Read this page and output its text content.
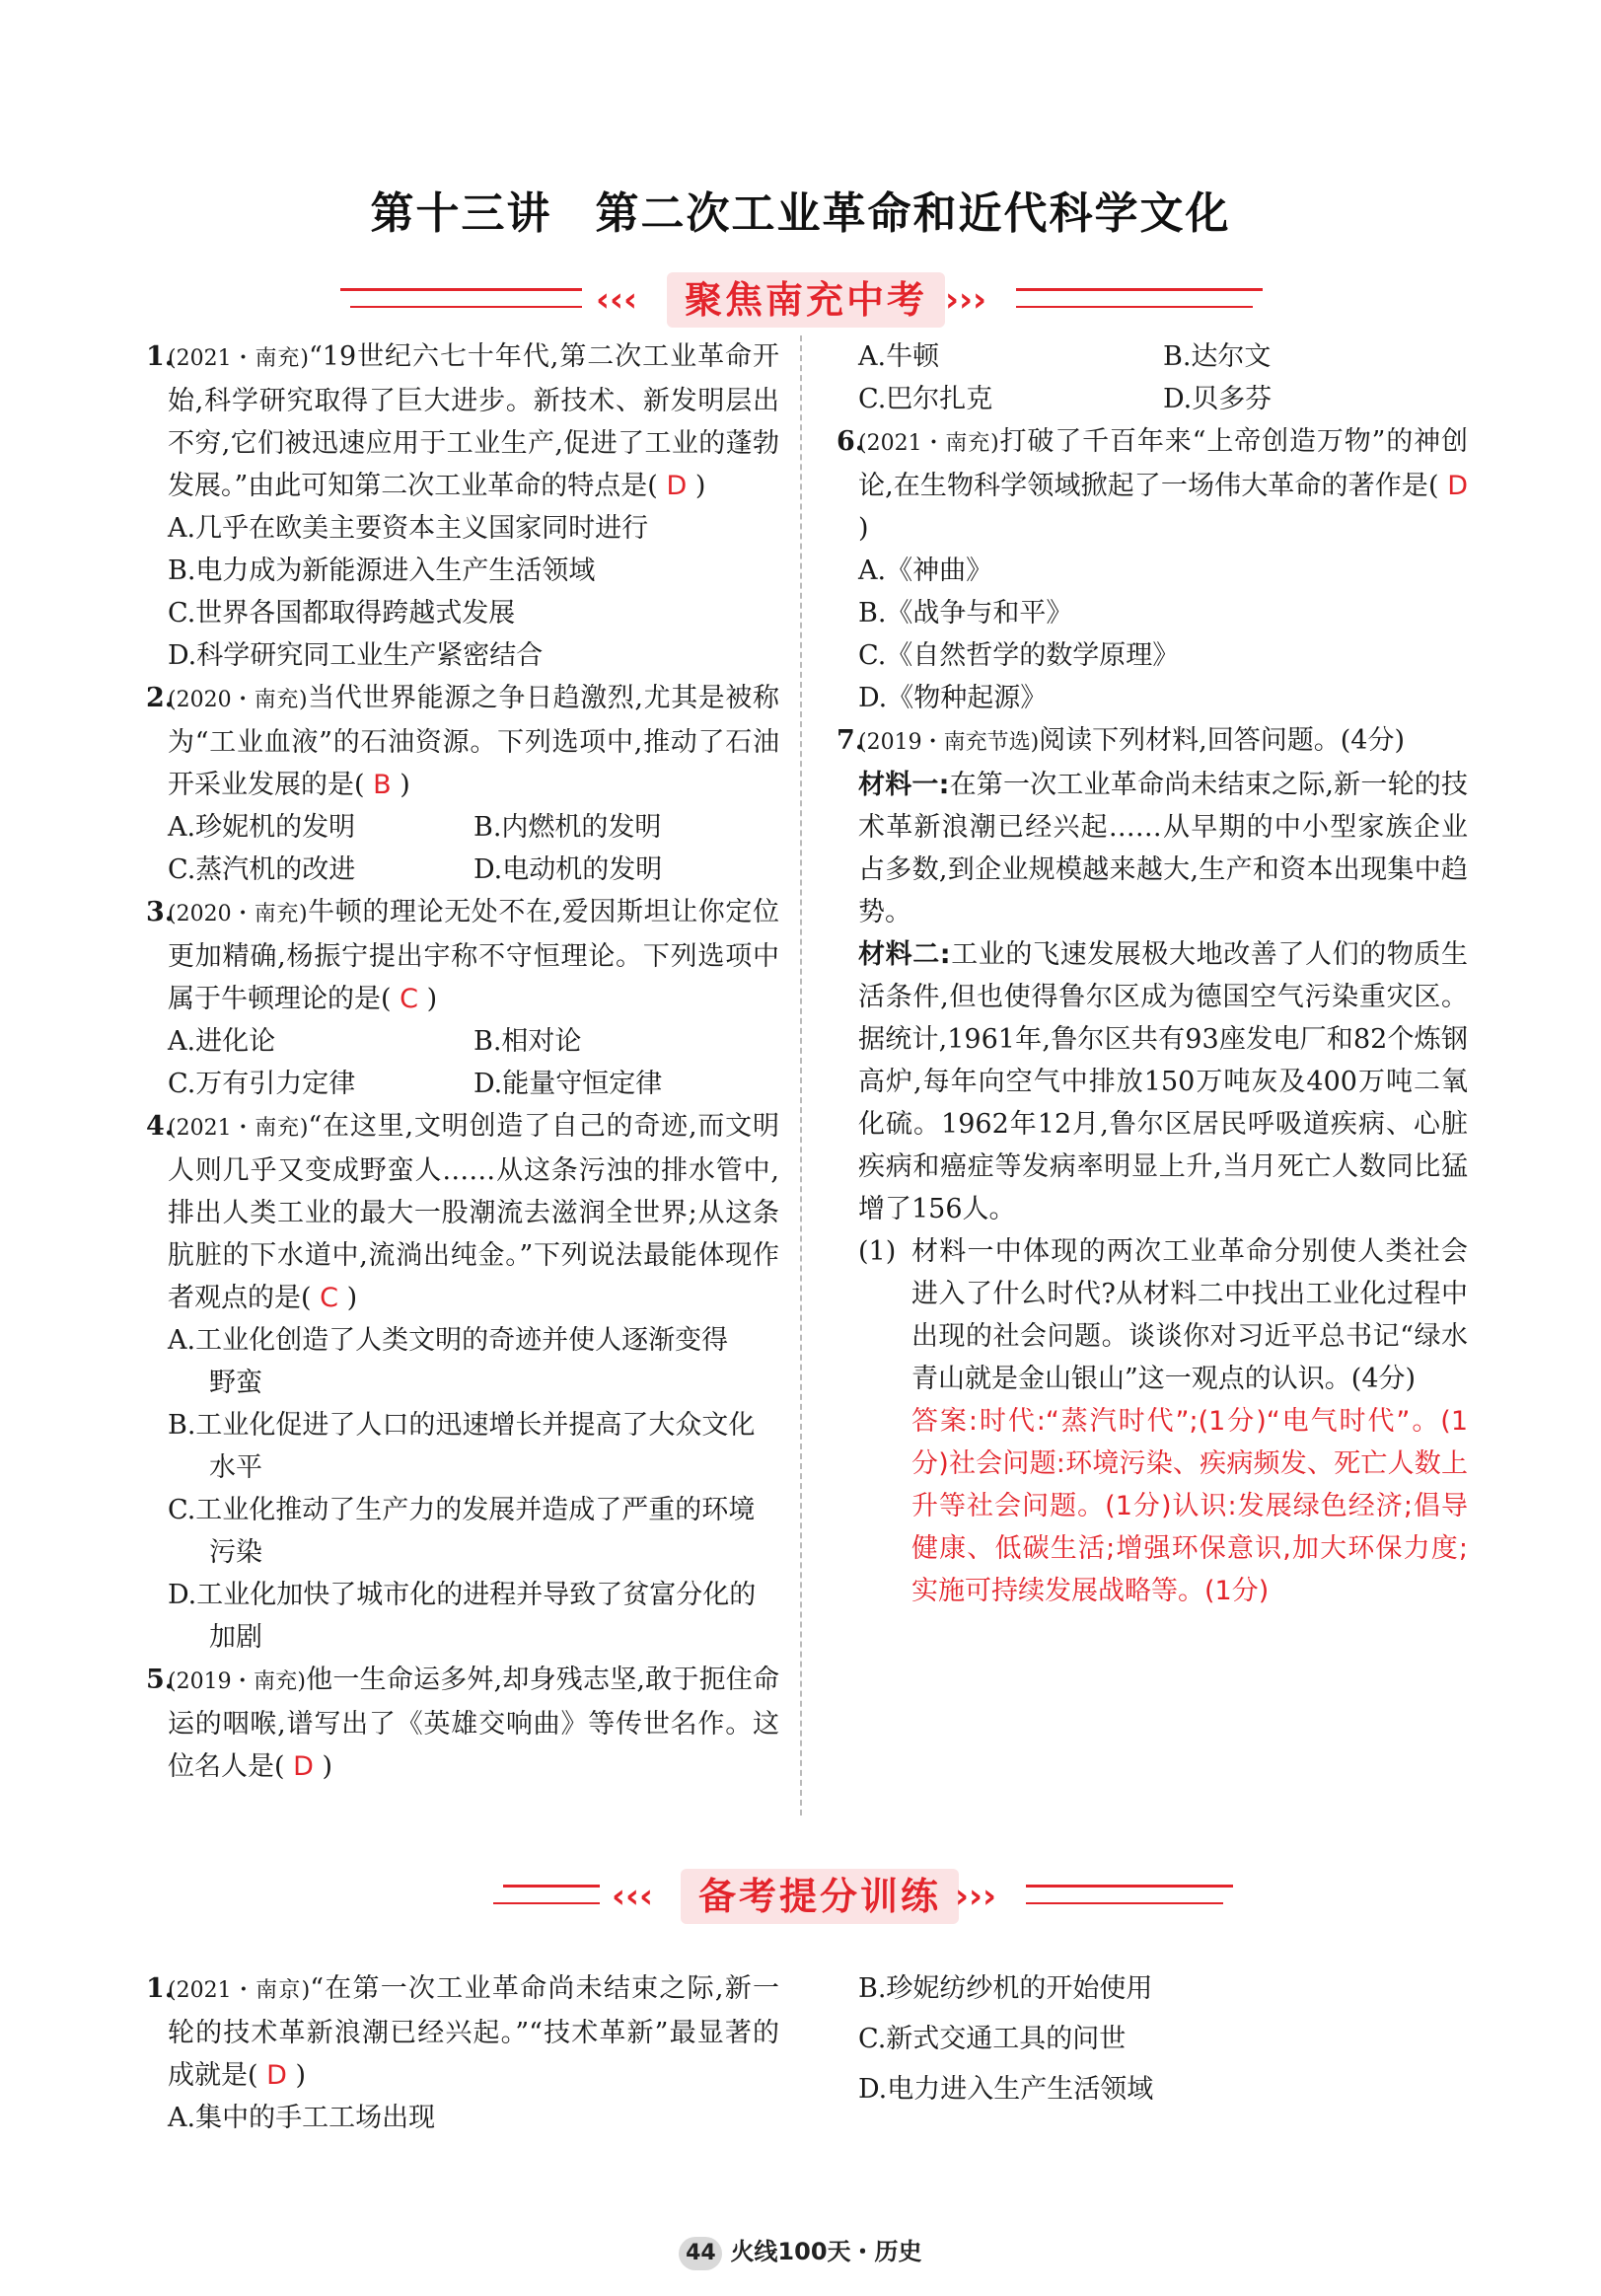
第十三讲 第二次工业革命和近代科学文化
‹‹‹	聚焦南充中考 ›››
1.

(2021・南充)“19世纪六七十年代,第二次工业革命开始,科学研究取得了巨大进步。新技术、新发明层出不穷,它们被迅速应用于工业生产,促进了工业的蓬勃发展。”由此可知第二次工业革命的特点是( D )

A.几乎在欧美主要资本主义国家同时进行

B.电力成为新能源进入生产生活领域

C.世界各国都取得跨越式发展

D.科学研究同工业生产紧密结合

2.

(2020・南充)当代世界能源之争日趋激烈,尤其是被称为“工业血液”的石油资源。下列选项中,推动了石油开采业发展的是( B )

A.珍妮机的发明	B.内燃机的发明
C.蒸汽机的改进	D.电动机的发明
3.

(2020・南充)牛顿的理论无处不在,爱因斯坦让你定位更加精确,杨振宁提出宇称不守恒理论。下列选项中属于牛顿理论的是( C )

A.进化论	B.相对论
C.万有引力定律	D.能量守恒定律
4.

(2021・南充)“在这里,文明创造了自己的奇迹,而文明人则几乎又变成野蛮人……从这条污浊的排水管中,排出人类工业的最大一股潮流去滋润全世界;从这条肮脏的下水道中,流淌出纯金。”下列说法最能体现作者观点的是( C )

A.工业化创造了人类文明的奇迹并使人逐渐变得

野蛮

B.工业化促进了人口的迅速增长并提高了大众文化

水平

C.工业化推动了生产力的发展并造成了严重的环境

污染

D.工业化加快了城市化的进程并导致了贫富分化的

加剧

5.

(2019・南充)他一生命运多舛,却身残志坚,敢于扼住命运的咽喉,谱写出了《英雄交响曲》等传世名作。这位名人是( D )

A.牛顿	B.达尔文
C.巴尔扎克	D.贝多芬
6.

(2021・南充)打破了千百年来“上帝创造万物”的神创论,在生物科学领域掀起了一场伟大革命的著作是( D )

A.《神曲》

B.《战争与和平》

C.《自然哲学的数学原理》

D.《物种起源》

7.

(2019・南充节选)阅读下列材料,回答问题。(4分)

材料一:在第一次工业革命尚未结束之际,新一轮的技术革新浪潮已经兴起……从早期的中小型家族企业占多数,到企业规模越来越大,生产和资本出现集中趋势。

材料二:工业的飞速发展极大地改善了人们的物质生活条件,但也使得鲁尔区成为德国空气污染重灾区。据统计,1961年,鲁尔区共有93座发电厂和82个炼钢高炉,每年向空气中排放150万吨灰及400万吨二氧化硫。1962年12月,鲁尔区居民呼吸道疾病、心脏疾病和癌症等发病率明显上升,当月死亡人数同比猛增了156人。

(1) 材料一中体现的两次工业革命分别使人类社会进入了什么时代?从材料二中找出工业化过程中出现的社会问题。谈谈你对习近平总书记“绿水青山就是金山银山”这一观点的认识。(4分)

答案:时代:“蒸汽时代”;(1分)“电气时代”。(1分)社会问题:环境污染、疾病频发、死亡人数上升等社会问题。(1分)认识:发展绿色经济;倡导健康、低碳生活;增强环保意识,加大环保力度;实施可持续发展战略等。(1分)

‹‹‹	备考提分训练 ›››
1.

(2021・南京)“在第一次工业革命尚未结束之际,新一轮的技术革新浪潮已经兴起。”“技术革新”最显著的成就是( D )

A.集中的手工工场出现

B.珍妮纺纱机的开始使用

C.新式交通工具的问世

D.电力进入生产生活领域

44 火线100天・历史
